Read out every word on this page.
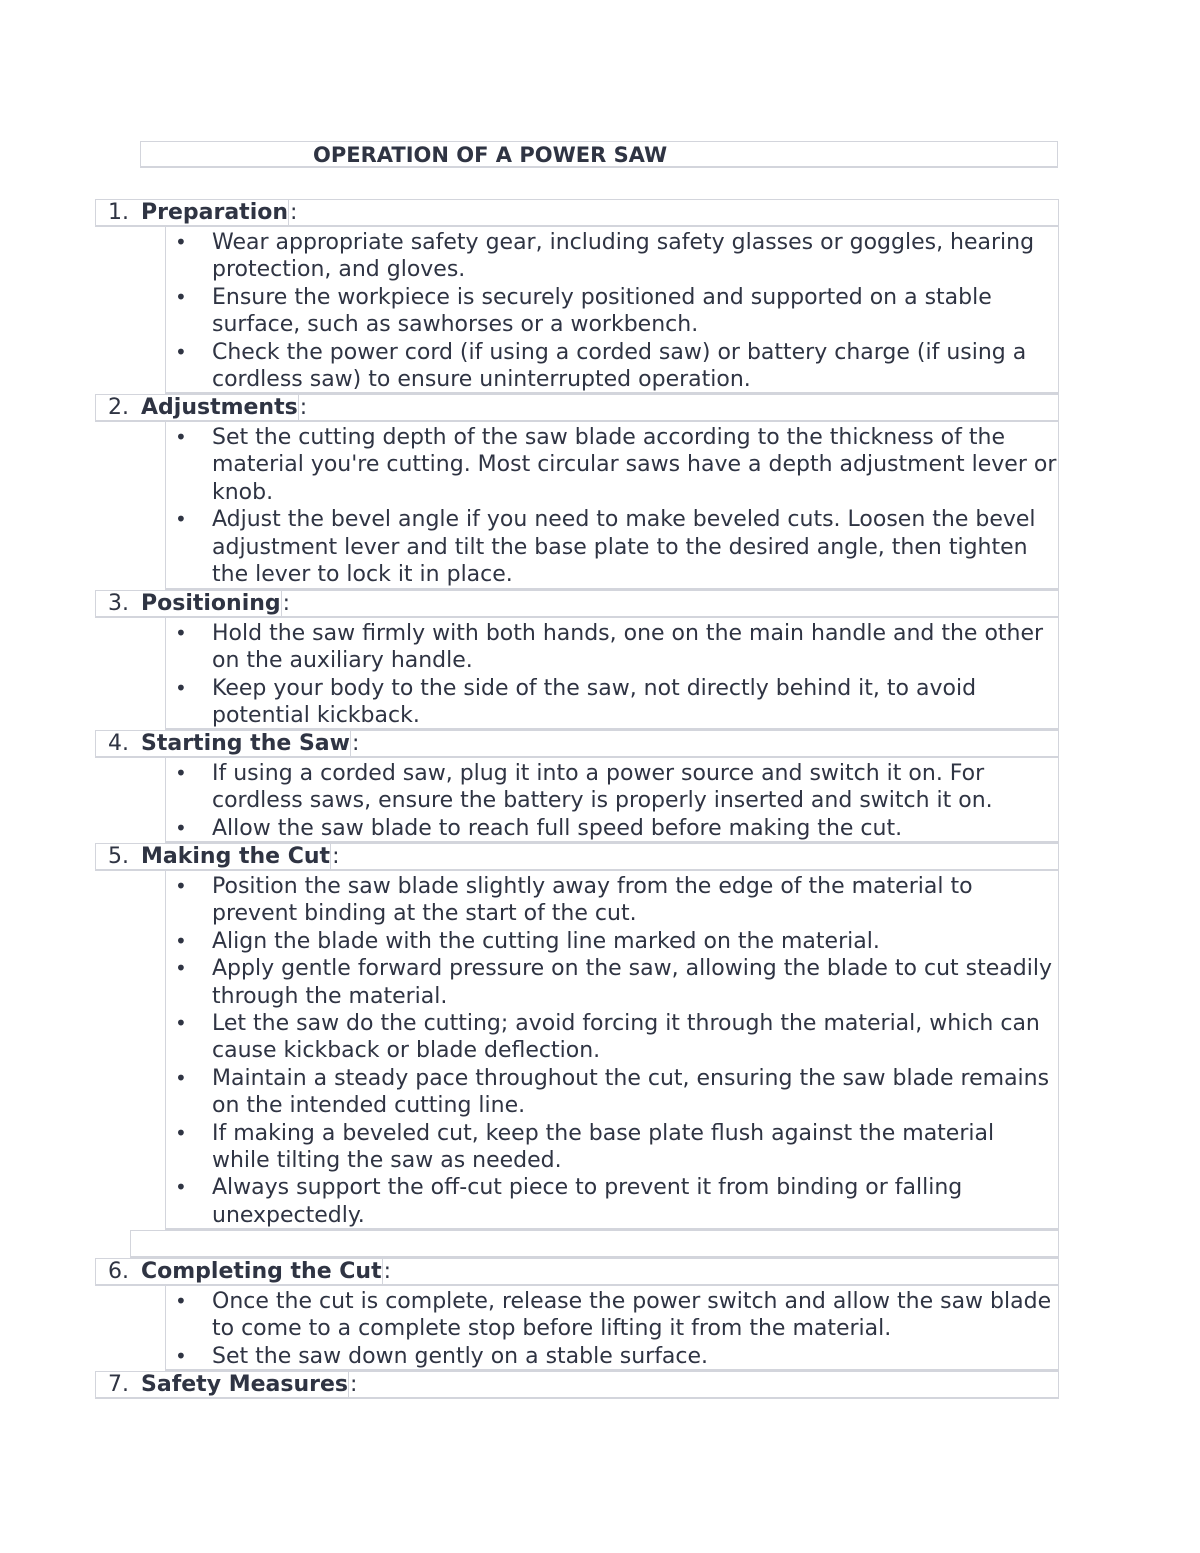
OPERATION OF A POWER SAW
1. Preparation:
• Wear appropriate safety gear, including safety glasses or goggles, hearing protection, and gloves.
• Ensure the workpiece is securely positioned and supported on a stable surface, such as sawhorses or a workbench.
• Check the power cord (if using a corded saw) or battery charge (if using a cordless saw) to ensure uninterrupted operation.
2. Adjustments:
• Set the cutting depth of the saw blade according to the thickness of the material you're cutting. Most circular saws have a depth adjustment lever or knob.
• Adjust the bevel angle if you need to make beveled cuts. Loosen the bevel adjustment lever and tilt the base plate to the desired angle, then tighten the lever to lock it in place.
3. Positioning:
• Hold the saw firmly with both hands, one on the main handle and the other on the auxiliary handle.
• Keep your body to the side of the saw, not directly behind it, to avoid potential kickback.
4. Starting the Saw:
• If using a corded saw, plug it into a power source and switch it on. For cordless saws, ensure the battery is properly inserted and switch it on.
• Allow the saw blade to reach full speed before making the cut.
5. Making the Cut:
• Position the saw blade slightly away from the edge of the material to prevent binding at the start of the cut.
• Align the blade with the cutting line marked on the material.
• Apply gentle forward pressure on the saw, allowing the blade to cut steadily through the material.
• Let the saw do the cutting; avoid forcing it through the material, which can cause kickback or blade deflection.
• Maintain a steady pace throughout the cut, ensuring the saw blade remains on the intended cutting line.
• If making a beveled cut, keep the base plate flush against the material while tilting the saw as needed.
• Always support the off-cut piece to prevent it from binding or falling unexpectedly.
6. Completing the Cut:
• Once the cut is complete, release the power switch and allow the saw blade to come to a complete stop before lifting it from the material.
• Set the saw down gently on a stable surface.
7. Safety Measures:
